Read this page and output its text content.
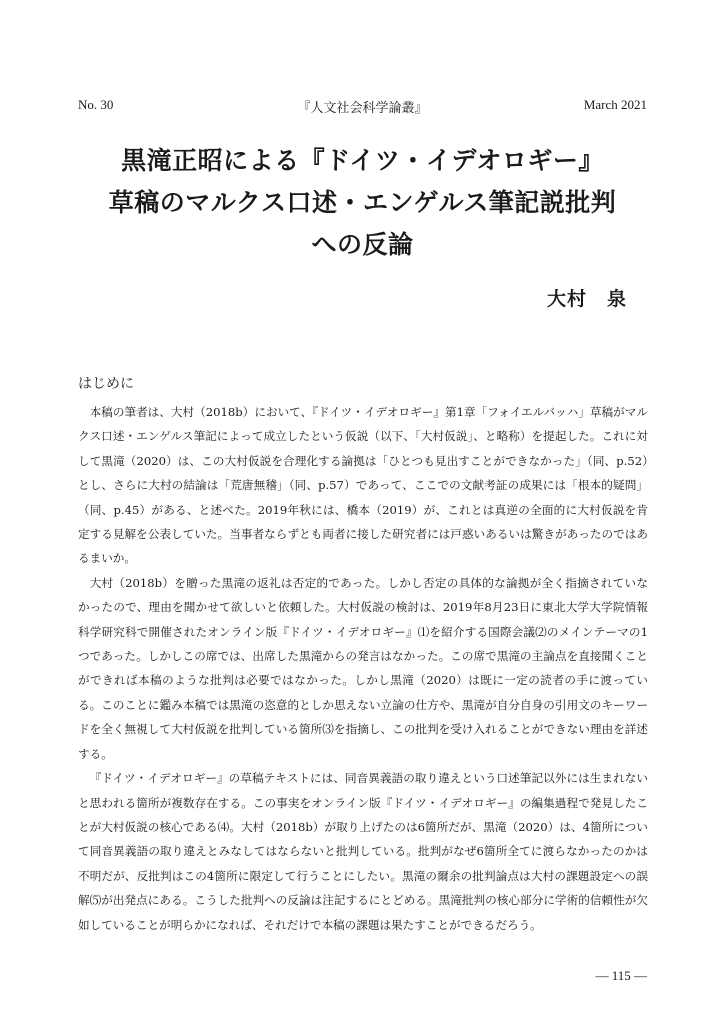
No. 30	『人文社会科学論叢』	March 2021
黒滝正昭による『ドイツ・イデオロギー』
草稿のマルクス口述・エンゲルス筆記説批判
への反論
大村　泉
はじめに

本稿の筆者は、大村（2018b）において、『ドイツ・イデオロギー』第1章「フォイエルバッハ」草稿がマルクス口述・エンゲルス筆記によって成立したという仮説（以下、「大村仮説」、と略称）を提起した。これに対して黒滝（2020）は、この大村仮説を合理化する論拠は「ひとつも見出すことができなかった」（同、p.52）とし、さらに大村の結論は「荒唐無稽」（同、p.57）であって、ここでの文献考証の成果には「根本的疑問」（同、p.45）がある、と述べた。2019年秋には、橋本（2019）が、これとは真逆の全面的に大村仮説を肯定する見解を公表していた。当事者ならずとも両者に接した研究者には戸惑いあるいは驚きがあったのではあるまいか。

大村（2018b）を贈った黒滝の返礼は否定的であった。しかし否定の具体的な論拠が全く指摘されていなかったので、理由を聞かせて欲しいと依頼した。大村仮説の検討は、2019年8月23日に東北大学大学院情報科学研究科で開催されたオンライン版『ドイツ・イデオロギー』⑴を紹介する国際会議⑵のメインテーマの1つであった。しかしこの席では、出席した黒滝からの発言はなかった。この席で黒滝の主論点を直接聞くことができれば本稿のような批判は必要ではなかった。しかし黒滝（2020）は既に一定の読者の手に渡っている。このことに鑑み本稿では黒滝の恣意的としか思えない立論の仕方や、黒滝が自分自身の引用文のキーワードを全く無視して大村仮説を批判している箇所⑶を指摘し、この批判を受け入れることができない理由を詳述する。

『ドイツ・イデオロギー』の草稿テキストには、同音異義語の取り違えという口述筆記以外には生まれないと思われる箇所が複数存在する。この事実をオンライン版『ドイツ・イデオロギー』の編集過程で発見したことが大村仮説の核心である⑷。大村（2018b）が取り上げたのは6箇所だが、黒滝（2020）は、4箇所について同音異義語の取り違えとみなしてはならないと批判している。批判がなぜ6箇所全てに渡らなかったのかは不明だが、反批判はこの4箇所に限定して行うことにしたい。黒滝の爾余の批判論点は大村の課題設定への誤解⑸が出発点にある。こうした批判への反論は注記するにとどめる。黒滝批判の核心部分に学術的信頼性が欠如していることが明らかになれば、それだけで本稿の課題は果たすことができるだろう。

— 115 —
